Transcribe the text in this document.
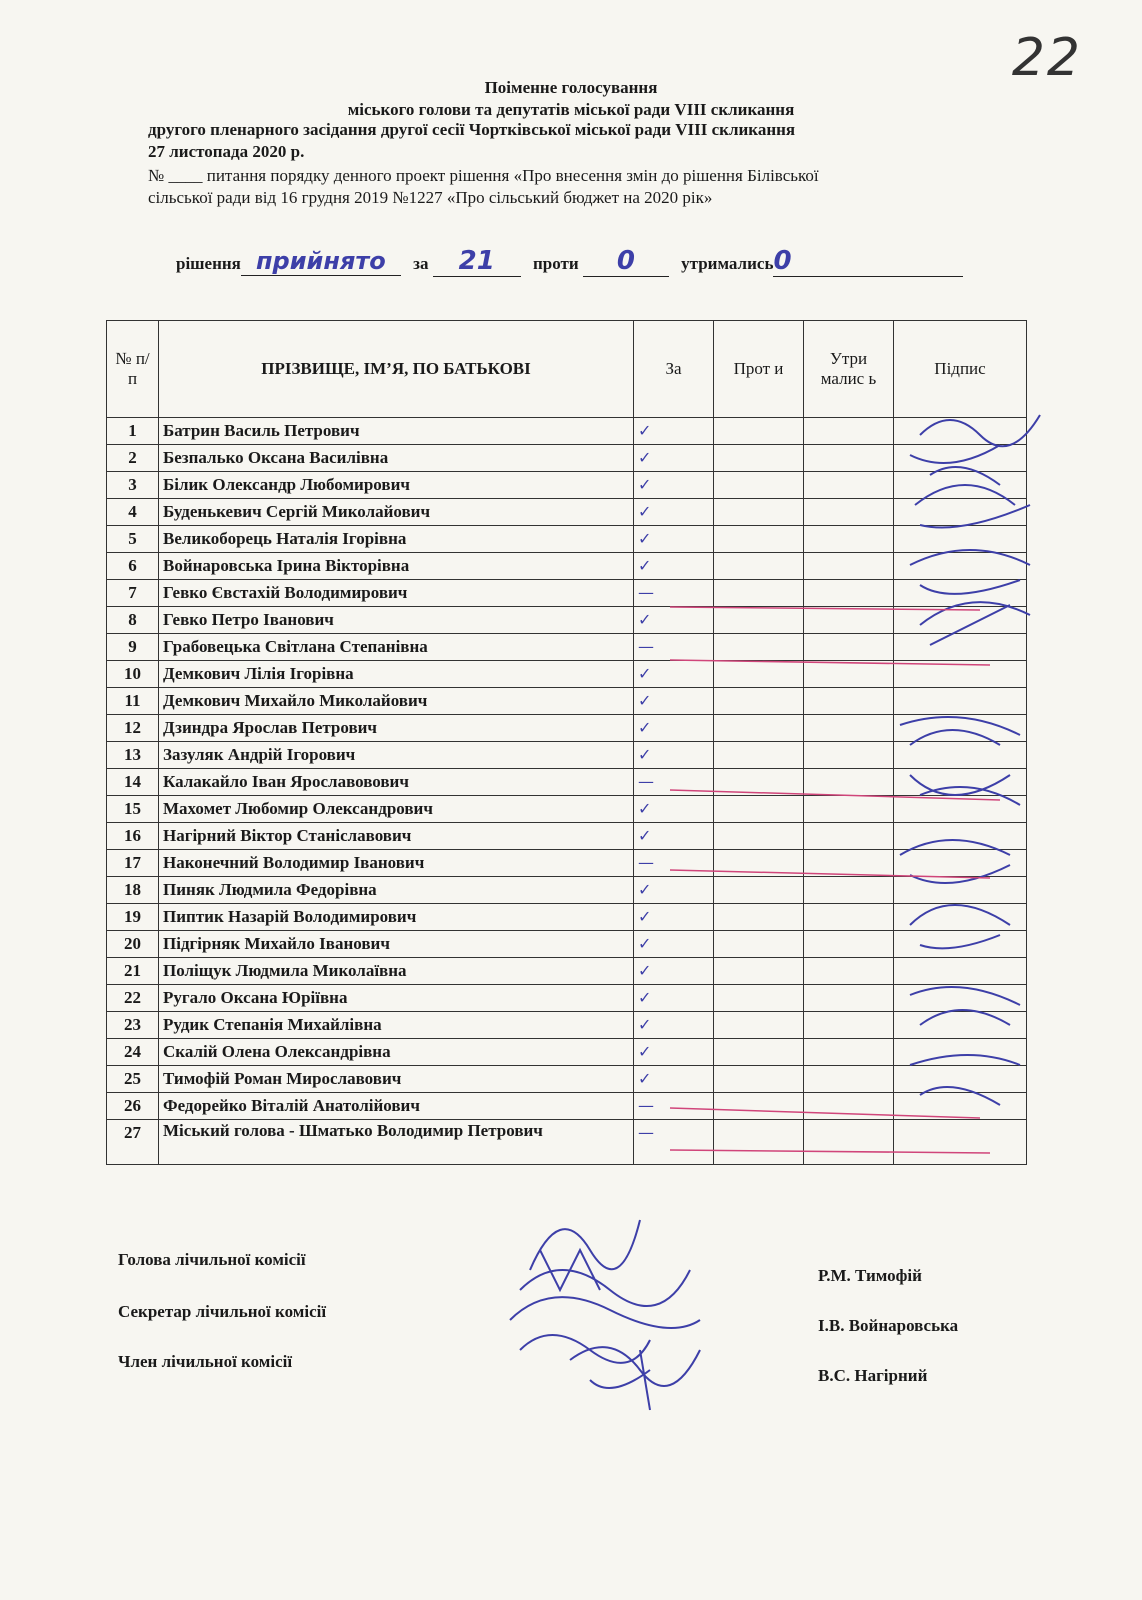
22
Поіменне голосування
міського голови та депутатів міської ради VIII скликання
другого пленарного засідання другої сесії Чортківської міської ради VIII скликання
27 листопада 2020 р.
№ ____ питання порядку денного проект рішення «Про внесення змін до рішення Білівської
сільської ради від 16 грудня 2019 №1227 «Про сільський бюджет на 2020 рік»
рішення прийнято за 21 проти 0	утримались0
№ п/п	ПРІЗВИЩЕ, ІМ’Я, ПО БАТЬКОВІ	За	Прот и	Утри малис ь	Підпис
1	Батрин Василь Петрович	✓			
2	Безпалько Оксана Василівна	✓			
3	Білик Олександр Любомирович	✓			
4	Буденькевич Сергій Миколайович	✓			
5	Великоборець Наталія Ігорівна	✓			
6	Войнаровська Ірина Вікторівна	✓			
7	Гевко Євстахій Володимирович	—			
8	Гевко Петро Іванович	✓			
9	Грабовецька Світлана Степанівна	—			
10	Демкович Лілія Ігорівна	✓			
11	Демкович Михайло Миколайович	✓			
12	Дзиндра Ярослав Петрович	✓			
13	Зазуляк Андрій Ігорович	✓			
14	Калакайло Іван Ярославовович	—			
15	Махомет Любомир Олександрович	✓			
16	Нагірний Віктор Станіславович	✓			
17	Наконечний Володимир Іванович	—			
18	Пиняк Людмила Федорівна	✓			
19	Пиптик Назарій Володимирович	✓			
20	Підгірняк Михайло Іванович	✓			
21	Поліщук Людмила Миколаївна	✓			
22	Ругало Оксана Юріївна	✓			
23	Рудик Степанія Михайлівна	✓			
24	Скалій Олена Олександрівна	✓			
25	Тимофій Роман Мирославович	✓			
26	Федорейко Віталій Анатолійович	—			
27	Міський голова - Шматько Володимир Петрович	—			
Голова лічильної комісії
Секретар лічильної комісії
Член лічильної комісії
Р.М. Тимофій
І.В. Войнаровська
В.С. Нагірний
